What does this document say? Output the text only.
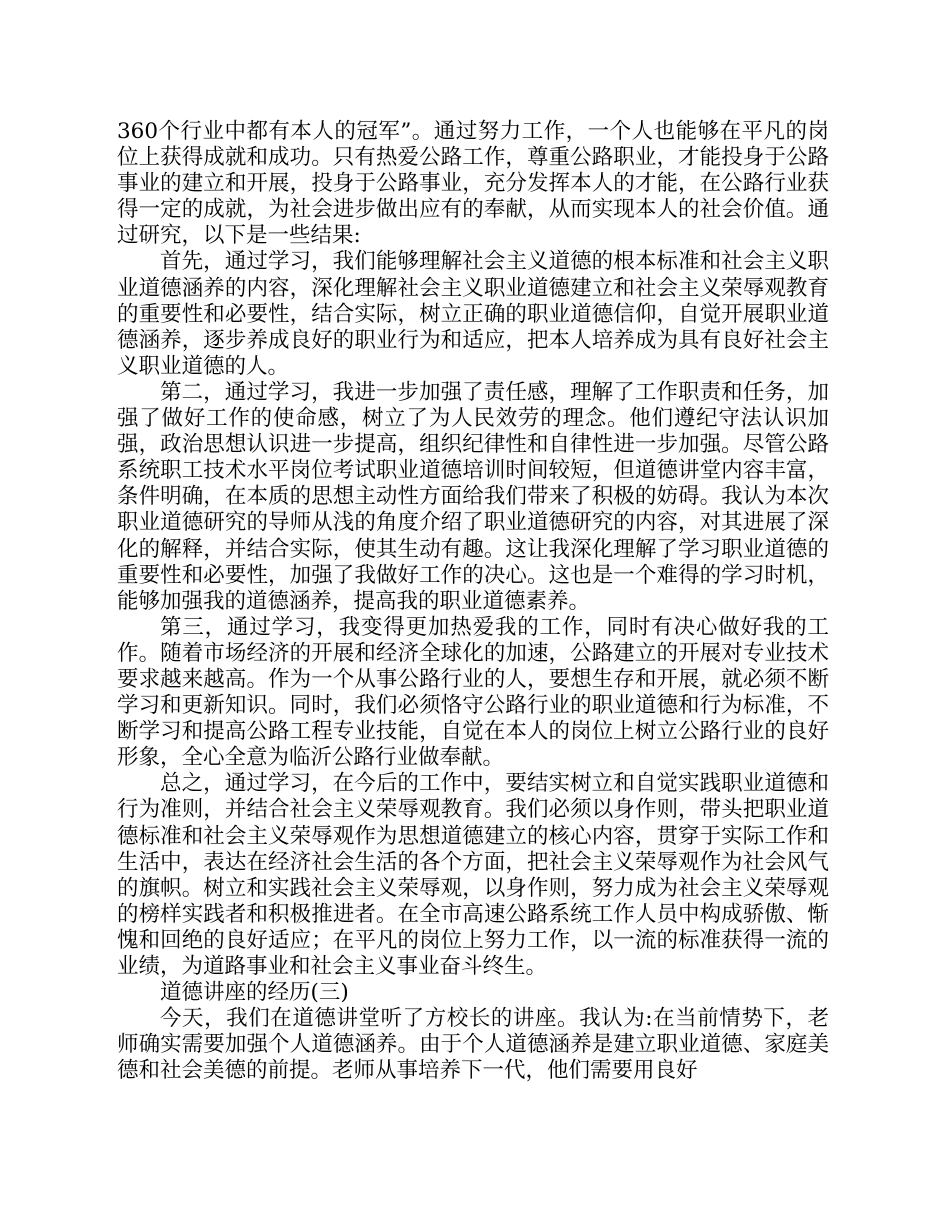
360个行业中都有本人的冠军”。通过努力工作，一个人也能够在平凡的岗位上获得成就和成功。只有热爱公路工作，尊重公路职业，才能投身于公路事业的建立和开展，投身于公路事业，充分发挥本人的才能，在公路行业获得一定的成就，为社会进步做出应有的奉献，从而实现本人的社会价值。通过研究，以下是一些结果:

首先，通过学习，我们能够理解社会主义道德的根本标准和社会主义职业道德涵养的内容，深化理解社会主义职业道德建立和社会主义荣辱观教育的重要性和必要性，结合实际，树立正确的职业道德信仰，自觉开展职业道德涵养，逐步养成良好的职业行为和适应，把本人培养成为具有良好社会主义职业道德的人。

第二，通过学习，我进一步加强了责任感，理解了工作职责和任务，加强了做好工作的使命感，树立了为人民效劳的理念。他们遵纪守法认识加强，政治思想认识进一步提高，组织纪律性和自律性进一步加强。尽管公路系统职工技术水平岗位考试职业道德培训时间较短，但道德讲堂内容丰富，条件明确，在本质的思想主动性方面给我们带来了积极的妨碍。我认为本次职业道德研究的导师从浅的角度介绍了职业道德研究的内容，对其进展了深化的解释，并结合实际，使其生动有趣。这让我深化理解了学习职业道德的重要性和必要性，加强了我做好工作的决心。这也是一个难得的学习时机，能够加强我的道德涵养，提高我的职业道德素养。

第三，通过学习，我变得更加热爱我的工作，同时有决心做好我的工作。随着市场经济的开展和经济全球化的加速，公路建立的开展对专业技术要求越来越高。作为一个从事公路行业的人，要想生存和开展，就必须不断学习和更新知识。同时，我们必须恪守公路行业的职业道德和行为标准，不断学习和提高公路工程专业技能，自觉在本人的岗位上树立公路行业的良好形象，全心全意为临沂公路行业做奉献。

总之，通过学习，在今后的工作中，要结实树立和自觉实践职业道德和行为准则，并结合社会主义荣辱观教育。我们必须以身作则，带头把职业道德标准和社会主义荣辱观作为思想道德建立的核心内容，贯穿于实际工作和生活中，表达在经济社会生活的各个方面，把社会主义荣辱观作为社会风气的旗帜。树立和实践社会主义荣辱观，以身作则，努力成为社会主义荣辱观的榜样实践者和积极推进者。在全市高速公路系统工作人员中构成骄傲、惭愧和回绝的良好适应；在平凡的岗位上努力工作，以一流的标准获得一流的业绩，为道路事业和社会主义事业奋斗终生。

道德讲座的经历(三)

今天，我们在道德讲堂听了方校长的讲座。我认为:在当前情势下，老师确实需要加强个人道德涵养。由于个人道德涵养是建立职业道德、家庭美德和社会美德的前提。老师从事培养下一代，他们需要用良好
